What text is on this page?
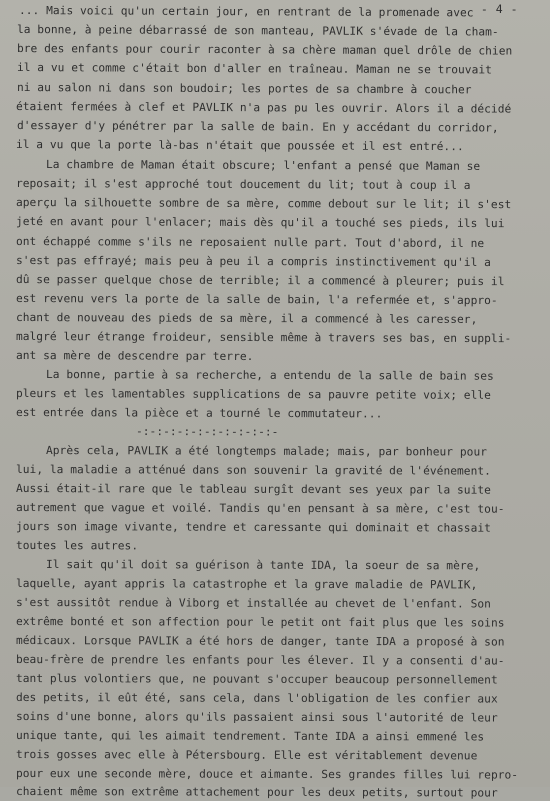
- 4 -
... Mais voici qu'un certain jour, en rentrant de la promenade avec
la bonne, à peine débarrassé de son manteau, PAVLIK s'évade de la cham-
bre des enfants pour courir raconter à sa chère maman quel drôle de chien
il a vu et comme c'était bon d'aller en traîneau. Maman ne se trouvait
ni au salon ni dans son boudoir; les portes de sa chambre à coucher
étaient fermées à clef et PAVLIK n'a pas pu les ouvrir. Alors il a décidé
d'essayer d'y pénétrer par la salle de bain. En y accédant du corridor,
il a vu que la porte là-bas n'était que poussée et il est entré...
La chambre de Maman était obscure; l'enfant a pensé que Maman se
reposait; il s'est approché tout doucement du lit; tout à coup il a
aperçu la silhouette sombre de sa mère, comme debout sur le lit; il s'est
jeté en avant pour l'enlacer; mais dès qu'il a touché ses pieds, ils lui
ont échappé comme s'ils ne reposaient nulle part. Tout d'abord, il ne
s'est pas effrayé; mais peu à peu il a compris instinctivement qu'il a
dû se passer quelque chose de terrible; il a commencé à pleurer; puis il
est revenu vers la porte de la salle de bain, l'a refermée et, s'appro-
chant de nouveau des pieds de sa mère, il a commencé à les caresser,
malgré leur étrange froideur, sensible même à travers ses bas, en suppli-
ant sa mère de descendre par terre.
La bonne, partie à sa recherche, a entendu de la salle de bain ses
pleurs et les lamentables supplications de sa pauvre petite voix; elle
est entrée dans la pièce et a tourné le commutateur...
-:-:-:-:-:-:-:-:-:-:-
Après cela, PAVLIK a été longtemps malade; mais, par bonheur pour
lui, la maladie a atténué dans son souvenir la gravité de l'événement.
Aussi était-il rare que le tableau surgît devant ses yeux par la suite
autrement que vague et voilé. Tandis qu'en pensant à sa mère, c'est tou-
jours son image vivante, tendre et caressante qui dominait et chassait
toutes les autres.
Il sait qu'il doit sa guérison à tante IDA, la soeur de sa mère,
laquelle, ayant appris la catastrophe et la grave maladie de PAVLIK,
s'est aussitôt rendue à Viborg et installée au chevet de l'enfant. Son
extrême bonté et son affection pour le petit ont fait plus que les soins
médicaux. Lorsque PAVLIK a été hors de danger, tante IDA a proposé à son
beau-frère de prendre les enfants pour les élever. Il y a consenti d'au-
tant plus volontiers que, ne pouvant s'occuper beaucoup personnellement
des petits, il eût été, sans cela, dans l'obligation de les confier aux
soins d'une bonne, alors qu'ils passaient ainsi sous l'autorité de leur
unique tante, qui les aimait tendrement. Tante IDA a ainsi emmené les
trois gosses avec elle à Pétersbourg. Elle est véritablement devenue
pour eux une seconde mère, douce et aimante. Ses grandes filles lui repro-
chaient même son extrême attachement pour les deux petits, surtout pour
